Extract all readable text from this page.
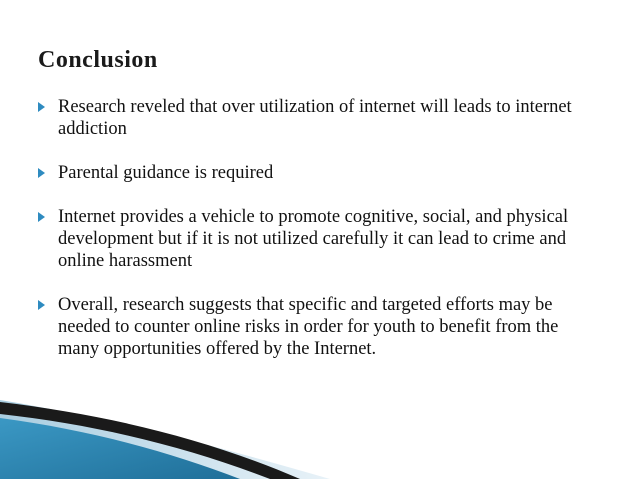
Conclusion
Research reveled that over utilization of internet will leads to internet addiction
Parental guidance is required
Internet provides a vehicle to promote cognitive, social, and physical development but if it is not utilized carefully it can lead to crime and online harassment
Overall, research suggests that specific and targeted efforts may be needed to counter online risks in order for youth to benefit from the many opportunities offered by the Internet.
